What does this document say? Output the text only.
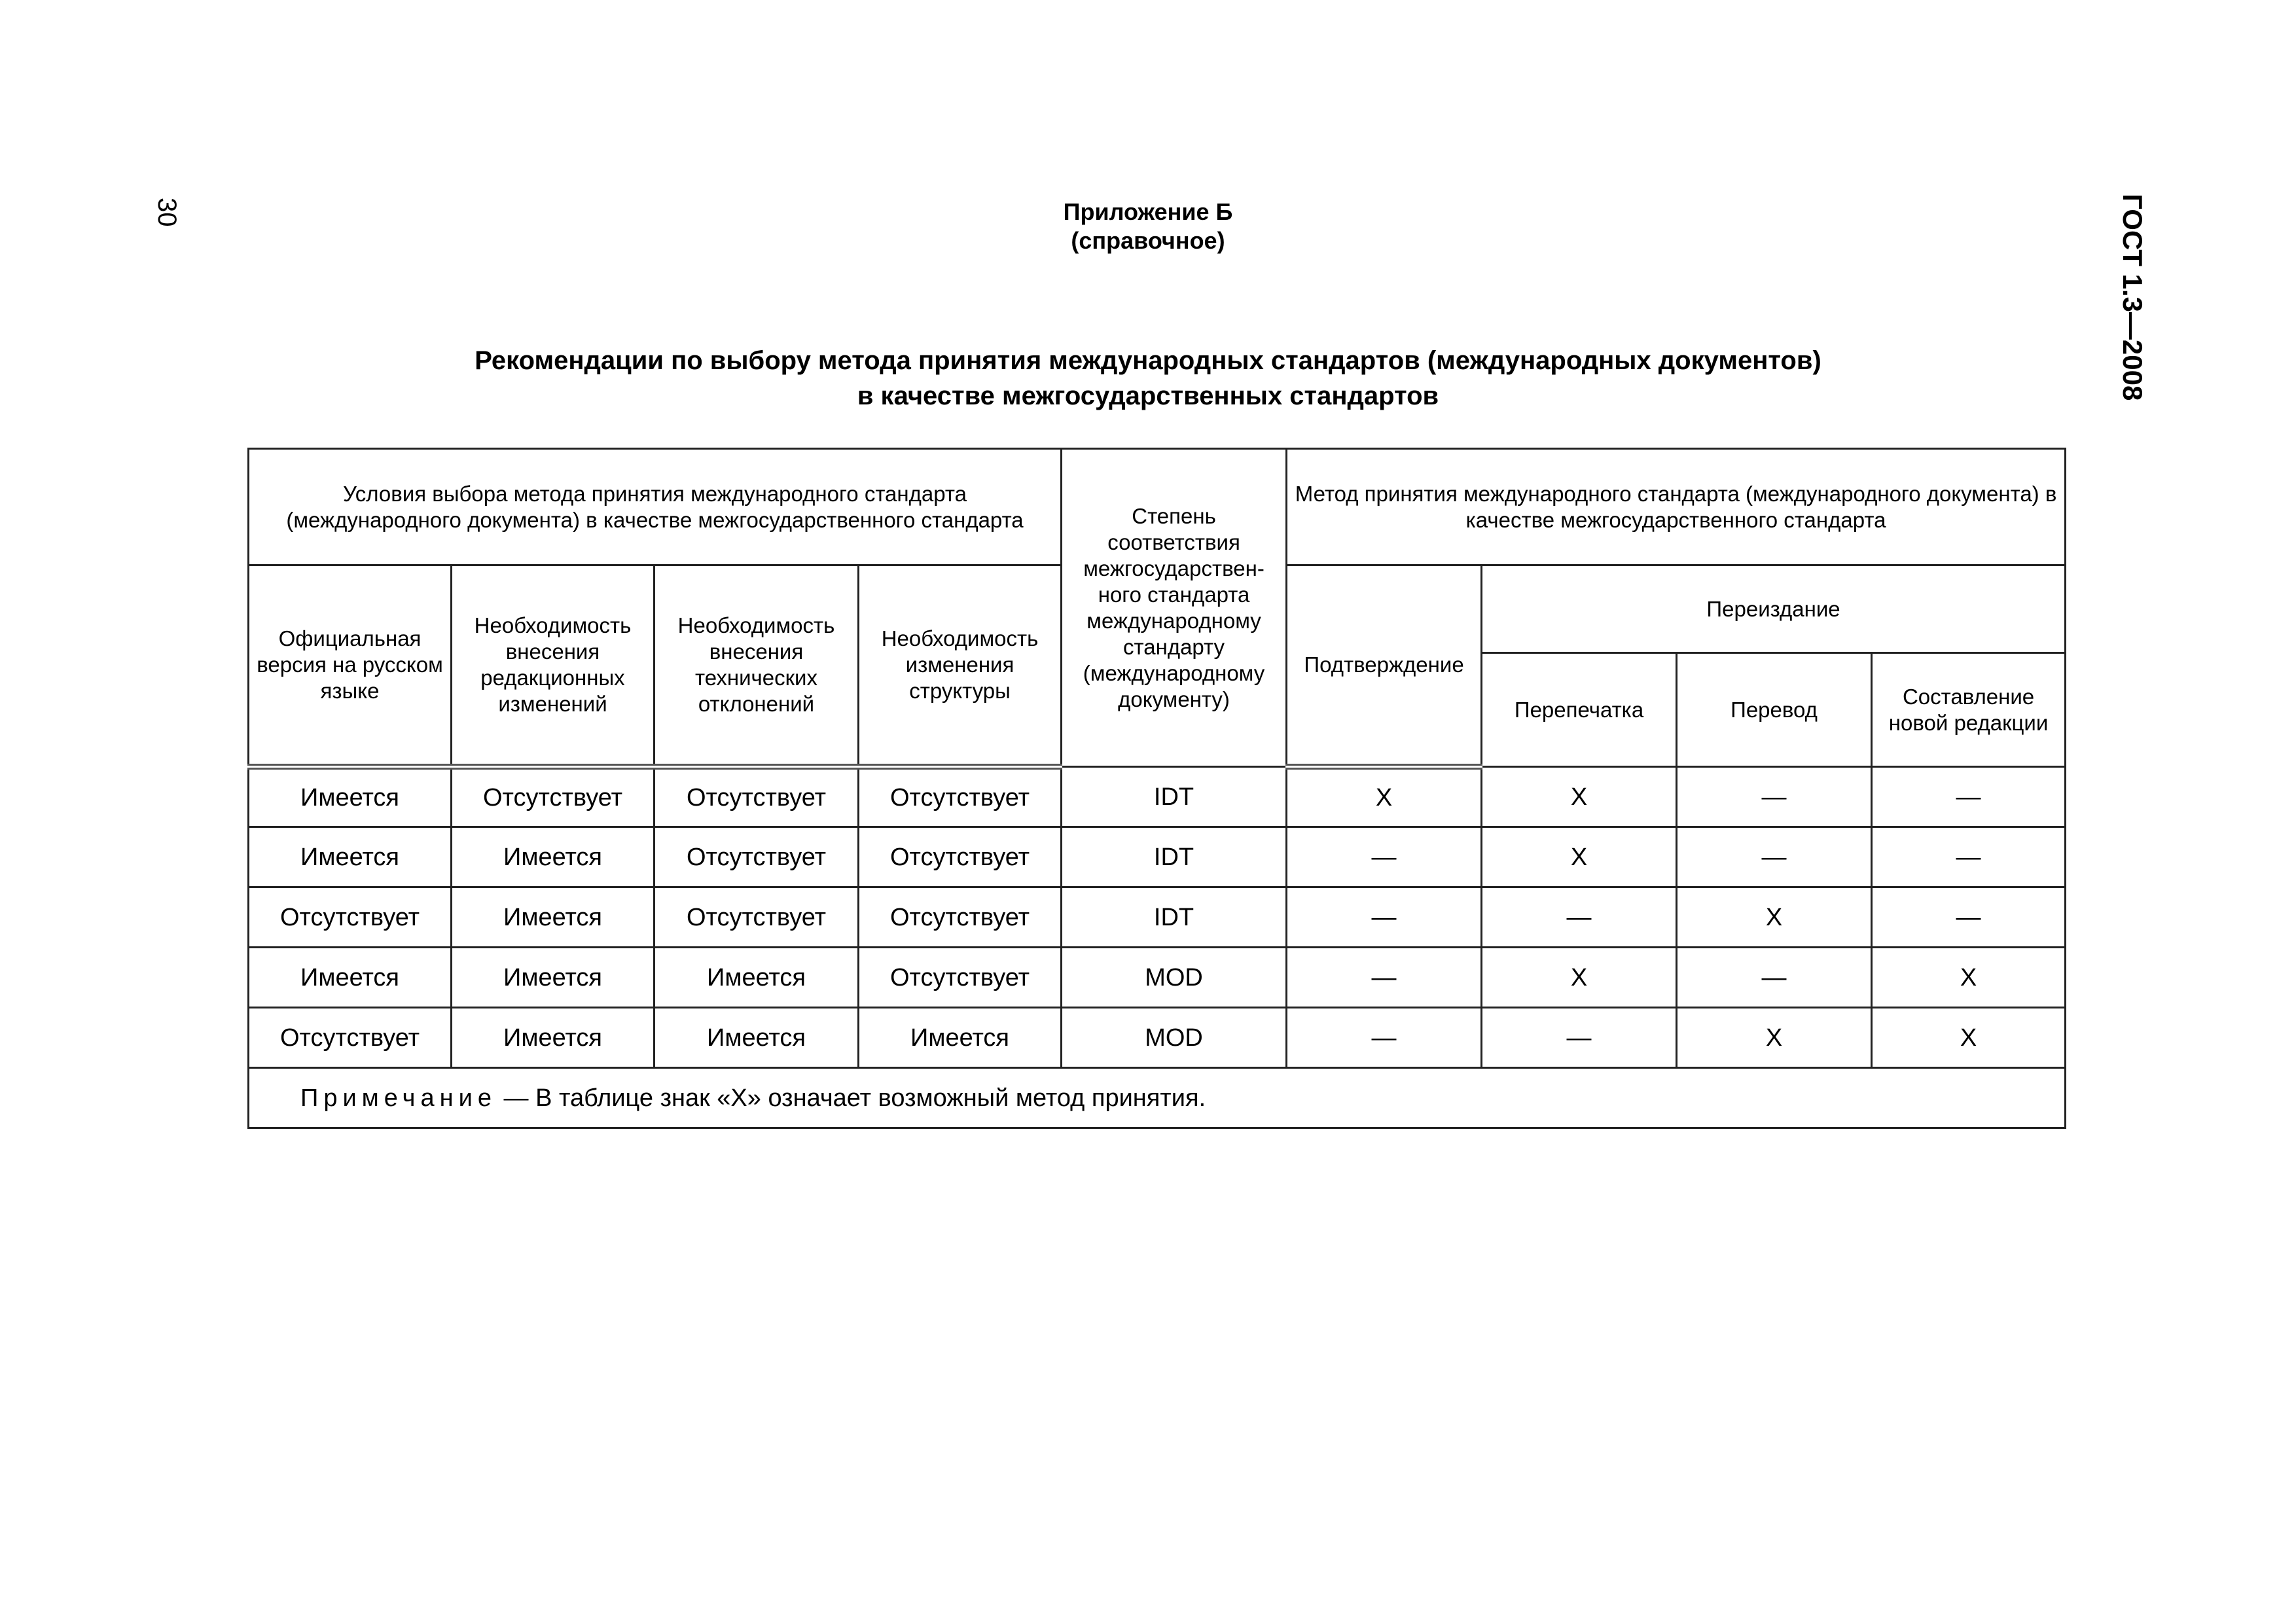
30	ГОСТ 1.3—2008
Приложение Б
(справочное)
Рекомендации по выбору метода принятия международных стандартов (международных документов)
в качестве межгосударственных стандартов
Условия выбора метода принятия международного стандарта (международного документа) в качестве межгосударственного стандарта				Степень соответствия межгосударствен-ного стандарта международному стандарту (международному документу)	Метод принятия международного стандарта (международного документа) в качестве межгосударственного стандарта			
Официальная версия на русском языке	Необходимость внесения редакционных изменений	Необходимость внесения технических отклонений	Необходимость изменения структуры		Подтверждение	Переиздание		
						Перепечатка	Перевод	Составление новой редакции
Имеется	Отсутствует	Отсутствует	Отсутствует	IDT	X	X	—	—
Имеется	Имеется	Отсутствует	Отсутствует	IDT	—	X	—	—
Отсутствует	Имеется	Отсутствует	Отсутствует	IDT	—	—	X	—
Имеется	Имеется	Имеется	Отсутствует	MOD	—	X	—	X
Отсутствует	Имеется	Имеется	Имеется	MOD	—	—	X	X
Примечание — В таблице знак «X» означает возможный метод принятия.								
